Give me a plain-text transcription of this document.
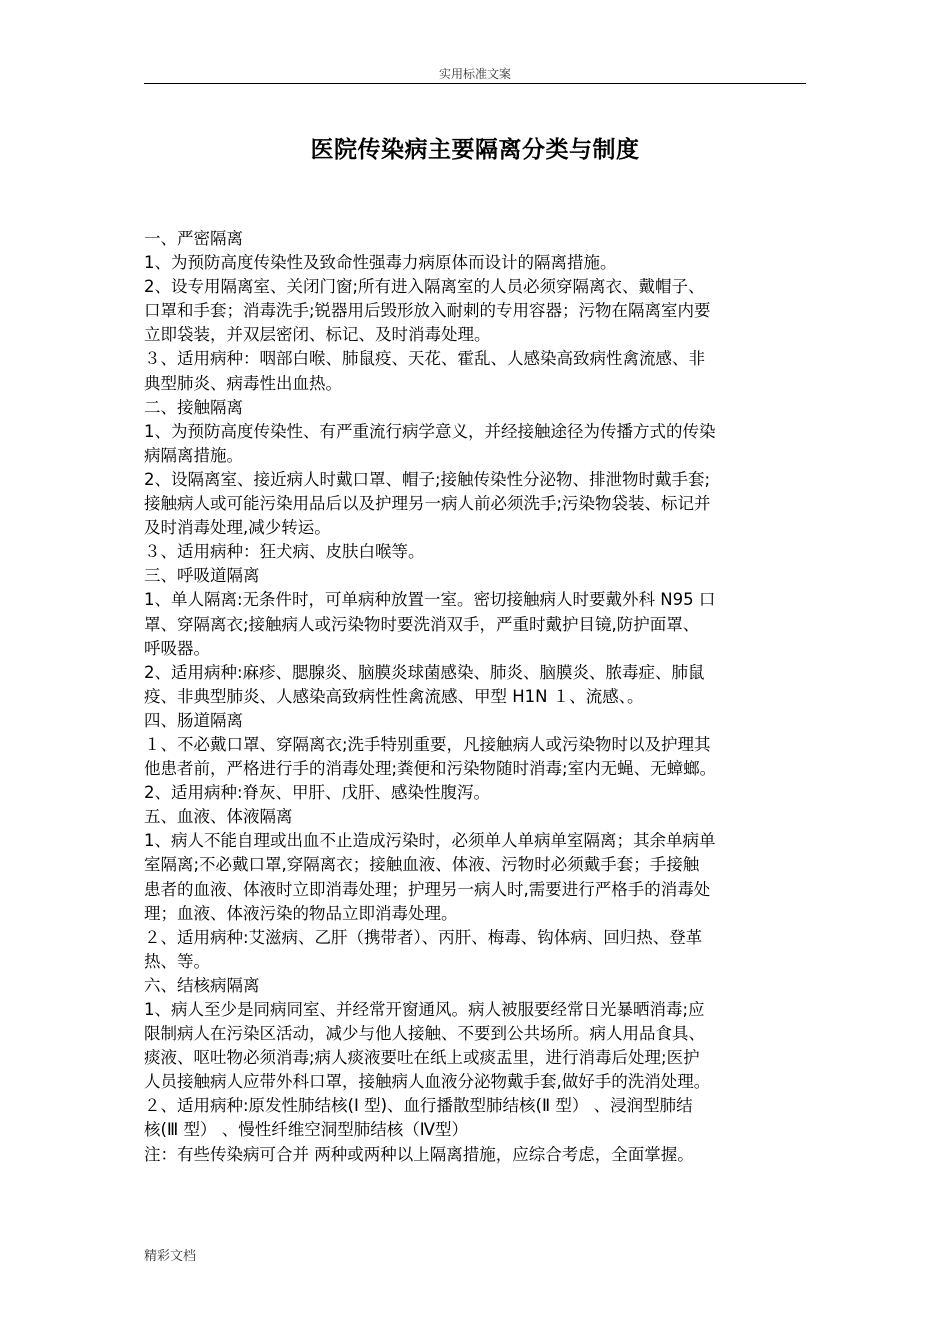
实用标准文案
医院传染病主要隔离分类与制度
一、严密隔离
1、为预防高度传染性及致命性强毒力病原体而设计的隔离措施。
2、设专用隔离室、关闭门窗;所有进入隔离室的人员必须穿隔离衣、戴帽子、
口罩和手套；消毒洗手;锐器用后毁形放入耐刺的专用容器；污物在隔离室内要
立即袋装，并双层密闭、标记、及时消毒处理。
３、适用病种：咽部白喉、肺鼠疫、天花、霍乱、人感染高致病性禽流感、非
典型肺炎、病毒性出血热。
二、接触隔离
1、为预防高度传染性、有严重流行病学意义，并经接触途径为传播方式的传染
病隔离措施。
2、设隔离室、接近病人时戴口罩、帽子;接触传染性分泌物、排泄物时戴手套;
接触病人或可能污染用品后以及护理另一病人前必须洗手;污染物袋装、标记并
及时消毒处理,减少转运。
３、适用病种：狂犬病、皮肤白喉等。
三、呼吸道隔离
1、单人隔离:无条件时，可单病种放置一室。密切接触病人时要戴外科 N95 口
罩、穿隔离衣;接触病人或污染物时要洗消双手，严重时戴护目镜,防护面罩、
呼吸器。
2、适用病种:麻疹、腮腺炎、脑膜炎球菌感染、肺炎、脑膜炎、脓毒症、肺鼠
疫、非典型肺炎、人感染高致病性性禽流感、甲型 H1N １、流感、。
四、肠道隔离
１、不必戴口罩、穿隔离衣;洗手特别重要，凡接触病人或污染物时以及护理其
他患者前，严格进行手的消毒处理;粪便和污染物随时消毒;室内无蝇、无蟑螂。
2、适用病种:脊灰、甲肝、戊肝、感染性腹泻。
五、血液、体液隔离
1、病人不能自理或出血不止造成污染时，必须单人单病单室隔离；其余单病单
室隔离;不必戴口罩,穿隔离衣；接触血液、体液、污物时必须戴手套；手接触
患者的血液、体液时立即消毒处理；护理另一病人时,需要进行严格手的消毒处
理；血液、体液污染的物品立即消毒处理。
２、适用病种:艾滋病、乙肝（携带者）、丙肝、梅毒、钩体病、回归热、登革
热、等。
六、结核病隔离
1、病人至少是同病同室、并经常开窗通风。病人被服要经常日光暴晒消毒;应
限制病人在污染区活动，减少与他人接触、不要到公共场所。病人用品食具、
痰液、呕吐物必须消毒;病人痰液要吐在纸上或痰盂里，进行消毒后处理;医护
人员接触病人应带外科口罩，接触病人血液分泌物戴手套,做好手的洗消处理。
２、适用病种:原发性肺结核(Ⅰ 型)、血行播散型肺结核(Ⅱ 型） 、浸润型肺结
核(Ⅲ 型） 、慢性纤维空洞型肺结核（Ⅳ型）
注：有些传染病可合并 两种或两种以上隔离措施，应综合考虑，全面掌握。
精彩文档
